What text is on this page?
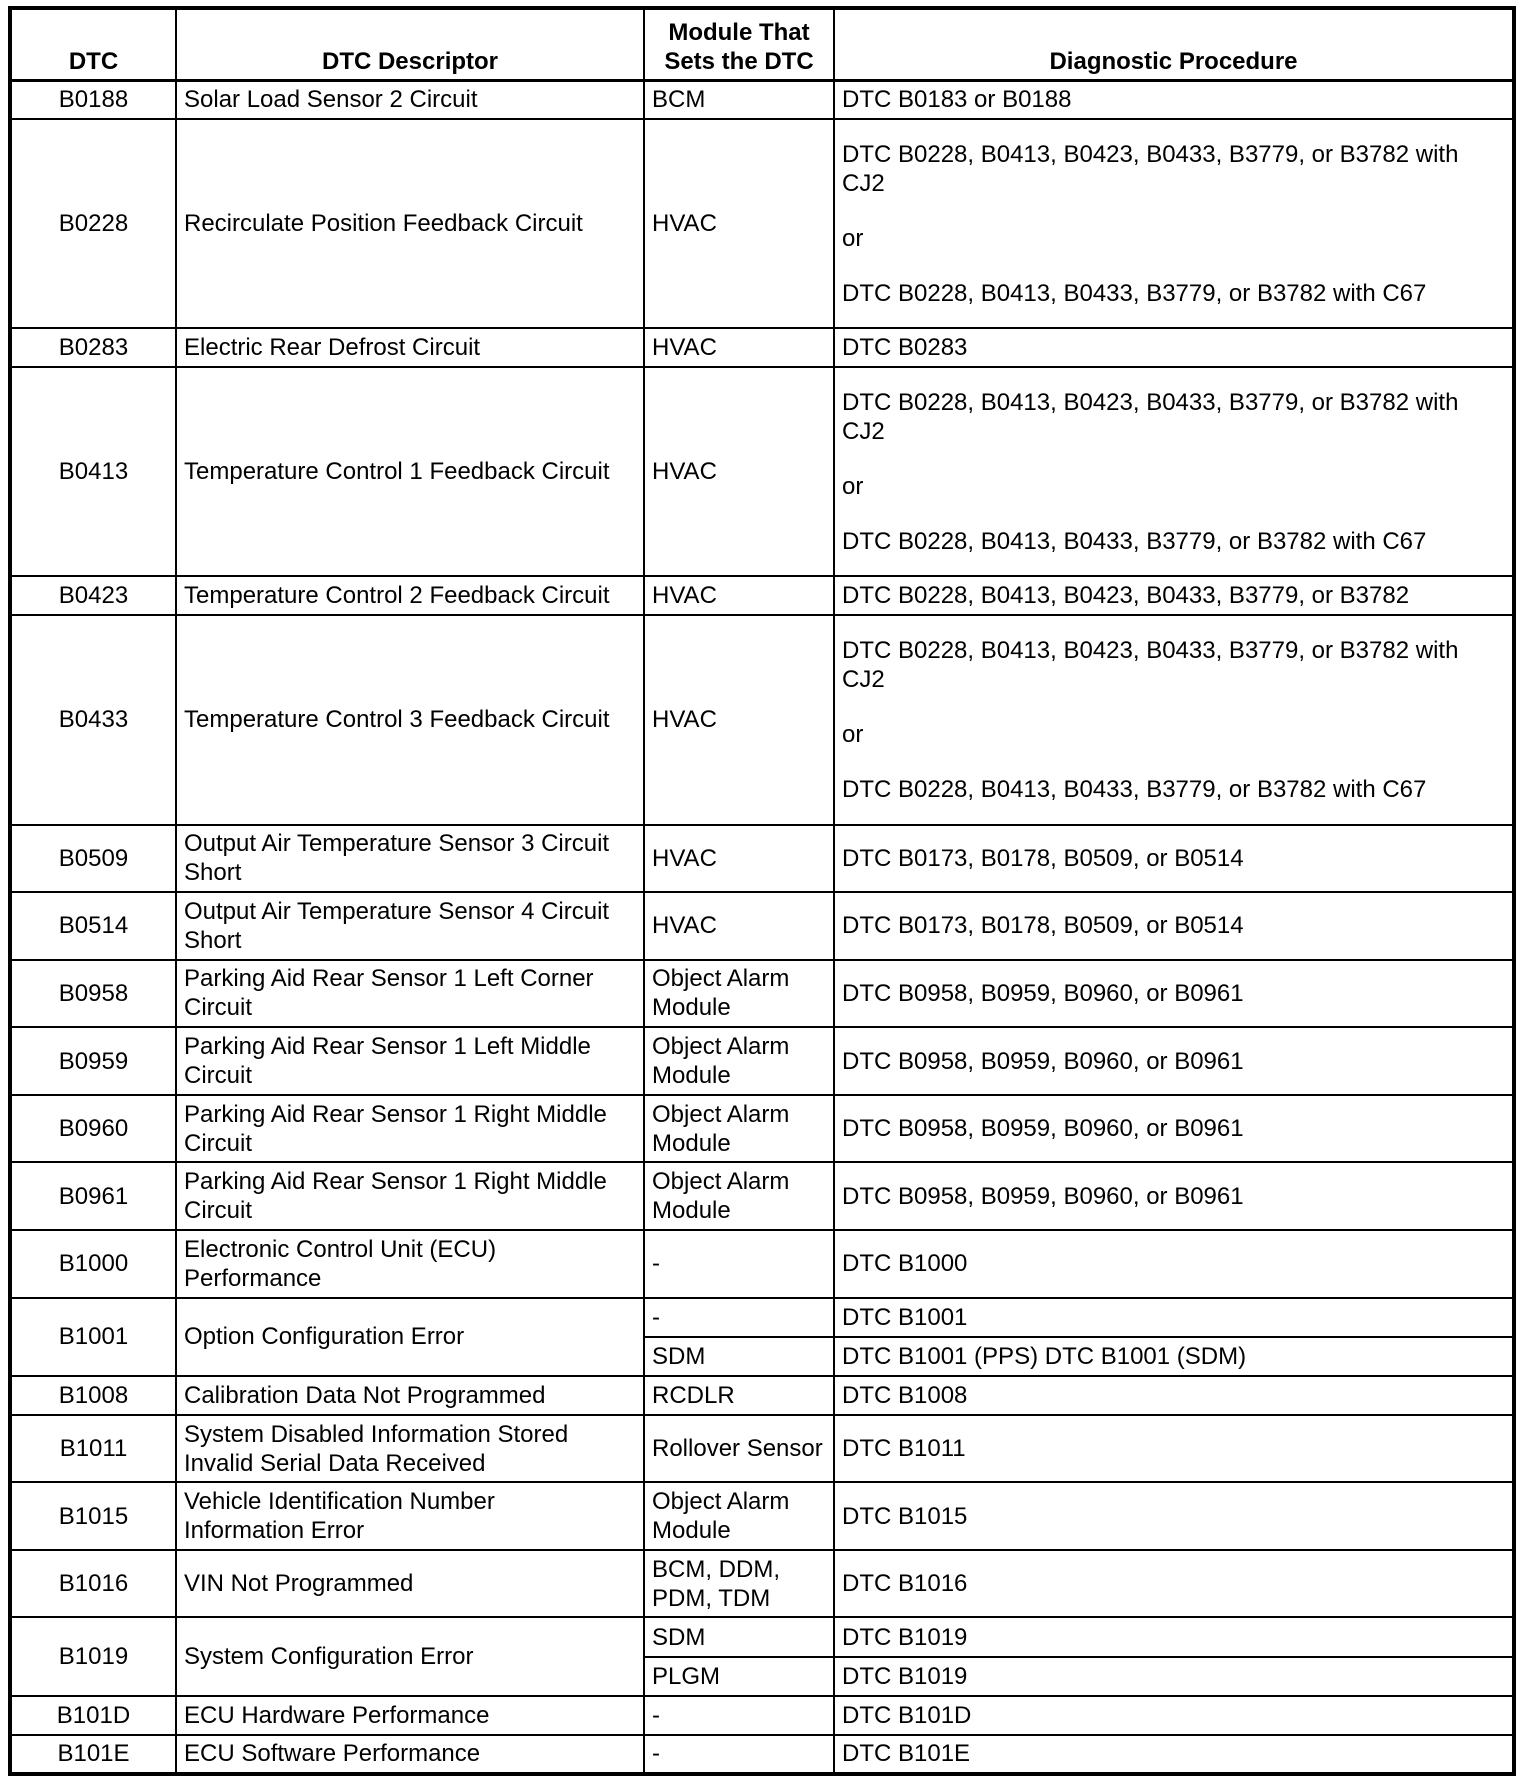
DTC	DTC Descriptor	Module That
Sets the DTC	Diagnostic Procedure
B0188	Solar Load Sensor 2 Circuit	BCM	DTC B0183 or B0188

B0228	Recirculate Position Feedback Circuit	HVAC	DTC B0228, B0413, B0423, B0433, B3779, or B3782 with
CJ2
or
DTC B0228, B0413, B0433, B3779, or B3782 with C67

B0283	Electric Rear Defrost Circuit	HVAC	DTC B0283

B0413	Temperature Control 1 Feedback Circuit	HVAC	DTC B0228, B0413, B0423, B0433, B3779, or B3782 with
CJ2
or
DTC B0228, B0413, B0433, B3779, or B3782 with C67

B0423	Temperature Control 2 Feedback Circuit	HVAC	DTC B0228, B0413, B0423, B0433, B3779, or B3782

B0433	Temperature Control 3 Feedback Circuit	HVAC	DTC B0228, B0413, B0423, B0433, B3779, or B3782 with
CJ2
or
DTC B0228, B0413, B0433, B3779, or B3782 with C67

B0509	Output Air Temperature Sensor 3 Circuit
Short	HVAC	DTC B0173, B0178, B0509, or B0514

B0514	Output Air Temperature Sensor 4 Circuit
Short	HVAC	DTC B0173, B0178, B0509, or B0514

B0958	Parking Aid Rear Sensor 1 Left Corner
Circuit	Object Alarm
Module	DTC B0958, B0959, B0960, or B0961

B0959	Parking Aid Rear Sensor 1 Left Middle
Circuit	Object Alarm
Module	DTC B0958, B0959, B0960, or B0961

B0960	Parking Aid Rear Sensor 1 Right Middle
Circuit	Object Alarm
Module	DTC B0958, B0959, B0960, or B0961

B0961	Parking Aid Rear Sensor 1 Right Middle
Circuit	Object Alarm
Module	DTC B0958, B0959, B0960, or B0961

B1000	Electronic Control Unit (ECU)
Performance	-	DTC B1000

B1001	Option Configuration Error	-	DTC B1001

		SDM	DTC B1001 (PPS) DTC B1001 (SDM)

B1008	Calibration Data Not Programmed	RCDLR	DTC B1008

B1011	System Disabled Information Stored
Invalid Serial Data Received	Rollover Sensor	DTC B1011

B1015	Vehicle Identification Number
Information Error	Object Alarm
Module	DTC B1015

B1016	VIN Not Programmed	BCM, DDM,
PDM, TDM	DTC B1016

B1019	System Configuration Error	SDM	DTC B1019

		PLGM	DTC B1019

B101D	ECU Hardware Performance	-	DTC B101D

B101E	ECU Software Performance	-	DTC B101E
